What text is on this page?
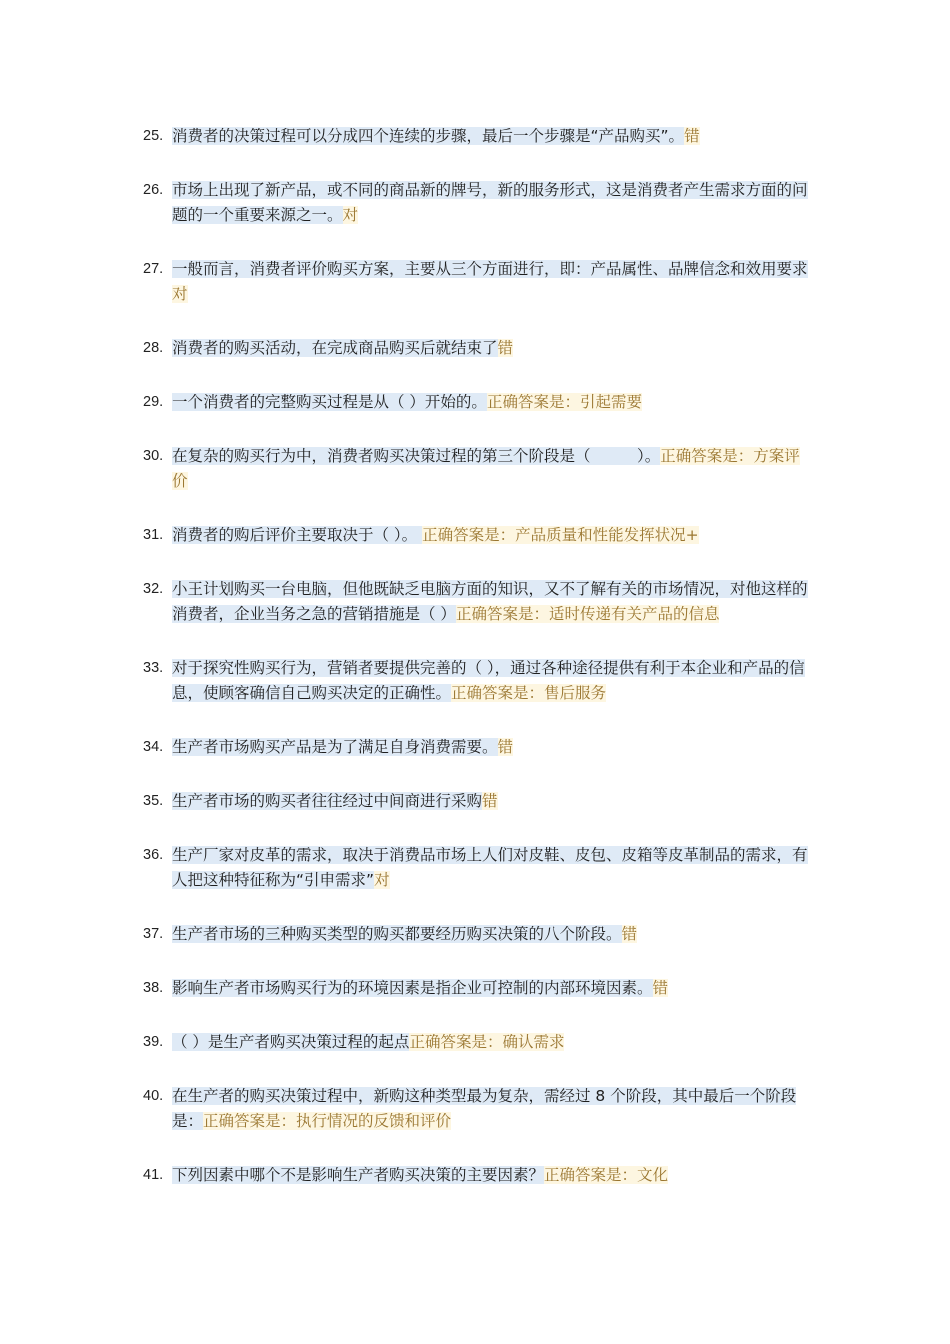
25. 消费者的决策过程可以分成四个连续的步骤，最后一个步骤是“产品购买”。错
26. 市场上出现了新产品，或不同的商品新的牌号，新的服务形式，这是消费者产生需求方面的问题的一个重要来源之一。对
27. 一般而言，消费者评价购买方案，主要从三个方面进行，即：产品属性、品牌信念和效用要求对
28. 消费者的购买活动，在完成商品购买后就结束了错
29. 一个消费者的完整购买过程是从（ ）开始的。正确答案是：引起需要
30. 在复杂的购买行为中，消费者购买决策过程的第三个阶段是（　　　）。正确答案是：方案评价
31. 消费者的购后评价主要取决于（ ）。 正确答案是：产品质量和性能发挥状况+
32. 小王计划购买一台电脑，但他既缺乏电脑方面的知识，又不了解有关的市场情况，对他这样的消费者，企业当务之急的营销措施是（ ）正确答案是：适时传递有关产品的信息
33. 对于探究性购买行为，营销者要提供完善的（ ），通过各种途径提供有利于本企业和产品的信息，使顾客确信自己购买决定的正确性。正确答案是：售后服务
34. 生产者市场购买产品是为了满足自身消费需要。错
35. 生产者市场的购买者往往经过中间商进行采购错
36. 生产厂家对皮革的需求，取决于消费品市场上人们对皮鞋、皮包、皮箱等皮革制品的需求，有人把这种特征称为“引申需求”对
37. 生产者市场的三种购买类型的购买都要经历购买决策的八个阶段。错
38. 影响生产者市场购买行为的环境因素是指企业可控制的内部环境因素。错
39. （ ）是生产者购买决策过程的起点正确答案是：确认需求
40. 在生产者的购买决策过程中，新购这种类型最为复杂，需经过 8 个阶段，其中最后一个阶段是：正确答案是：执行情况的反馈和评价
41. 下列因素中哪个不是影响生产者购买决策的主要因素？正确答案是：文化
